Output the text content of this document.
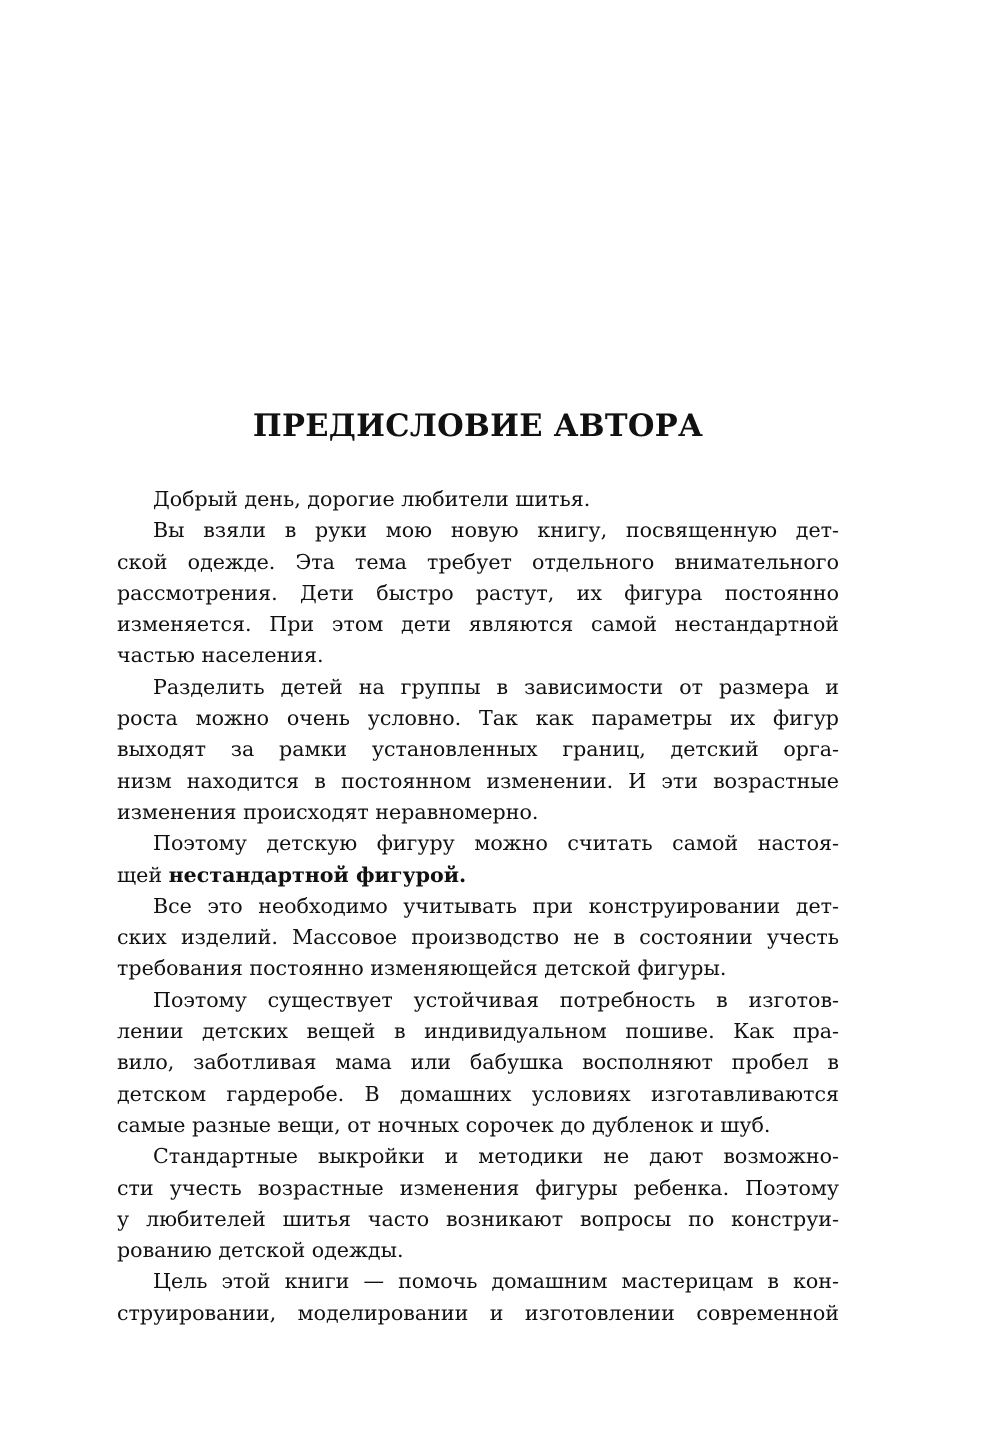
ПРЕДИСЛОВИЕ АВТОРА
Добрый день, дорогие любители шитья.
Вы взяли в руки мою новую книгу, посвященную дет-
ской одежде. Эта тема требует отдельного внимательного
рассмотрения. Дети быстро растут, их фигура постоянно
изменяется. При этом дети являются самой нестандартной
частью населения.
Разделить детей на группы в зависимости от размера и
роста можно очень условно. Так как параметры их фигур
выходят за рамки установленных границ, детский орга-
низм находится в постоянном изменении. И эти возрастные
изменения происходят неравномерно.
Поэтому детскую фигуру можно считать самой настоя-
щей нестандартной фигурой.
Все это необходимо учитывать при конструировании дет-
ских изделий. Массовое производство не в состоянии учесть
требования постоянно изменяющейся детской фигуры.
Поэтому существует устойчивая потребность в изготов-
лении детских вещей в индивидуальном пошиве. Как пра-
вило, заботливая мама или бабушка восполняют пробел в
детском гардеробе. В домашних условиях изготавливаются
самые разные вещи, от ночных сорочек до дубленок и шуб.
Стандартные выкройки и методики не дают возможно-
сти учесть возрастные изменения фигуры ребенка. Поэтому
у любителей шитья часто возникают вопросы по конструи-
рованию детской одежды.
Цель этой книги — помочь домашним мастерицам в кон-
струировании, моделировании и изготовлении современной
